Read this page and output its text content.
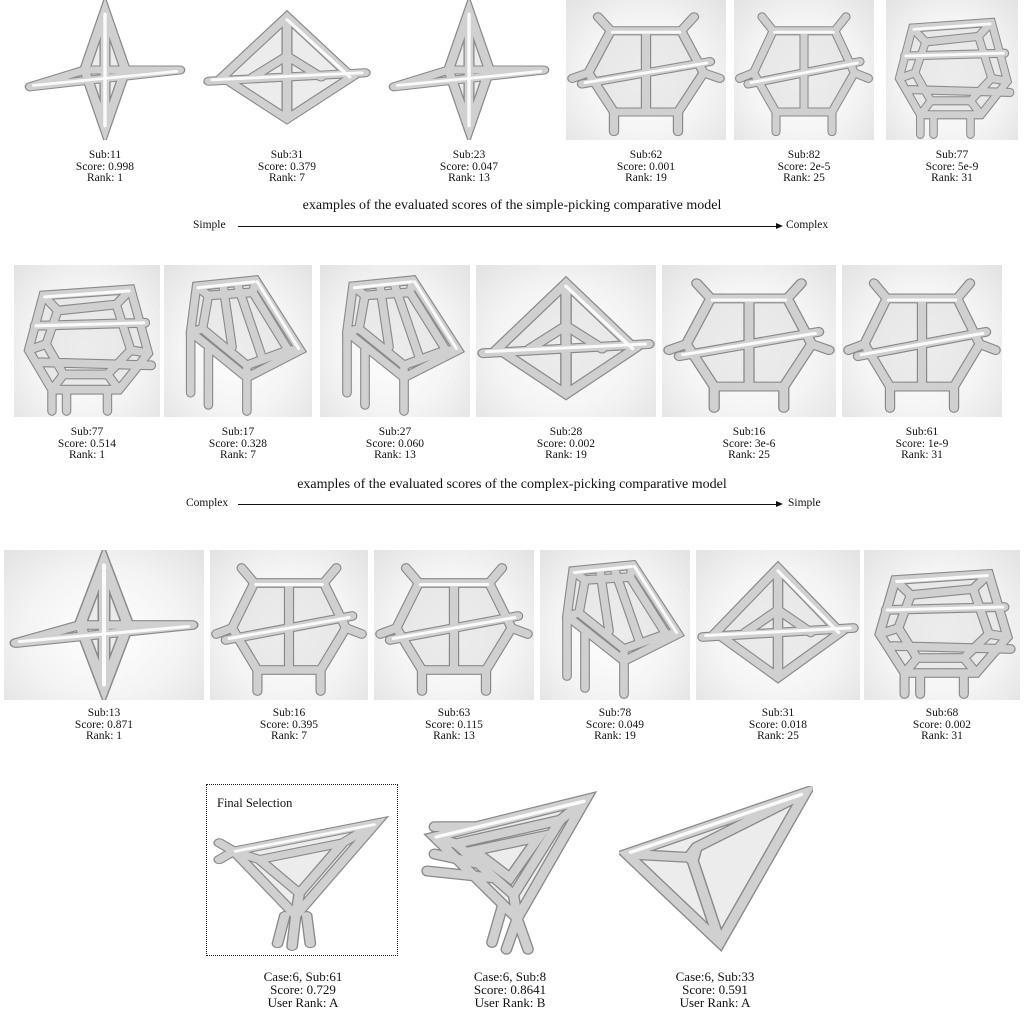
Sub:11
Score: 0.998
Rank: 1
Sub:31
Score: 0.379
Rank: 7
Sub:23
Score: 0.047
Rank: 13
Sub:62
Score: 0.001
Rank: 19
Sub:82
Score: 2e-5
Rank: 25
Sub:77
Score: 5e-9
Rank: 31
examples of the evaluated scores of the simple-picking comparative model
Simple	Complex
Sub:77
Score: 0.514
Rank: 1
Sub:17
Score: 0.328
Rank: 7
Sub:27
Score: 0.060
Rank: 13
Sub:28
Score: 0.002
Rank: 19
Sub:16
Score: 3e-6
Rank: 25
Sub:61
Score: 1e-9
Rank: 31
examples of the evaluated scores of the complex-picking comparative model
Complex	Simple
Sub:13
Score: 0.871
Rank: 1
Sub:16
Score: 0.395
Rank: 7
Sub:63
Score: 0.115
Rank: 13
Sub:78
Score: 0.049
Rank: 19
Sub:31
Score: 0.018
Rank: 25
Sub:68
Score: 0.002
Rank: 31
Final Selection
Case:6, Sub:61
Score: 0.729
User Rank: A
Case:6, Sub:8
Score: 0.8641
User Rank: B
Case:6, Sub:33
Score: 0.591
User Rank: A
